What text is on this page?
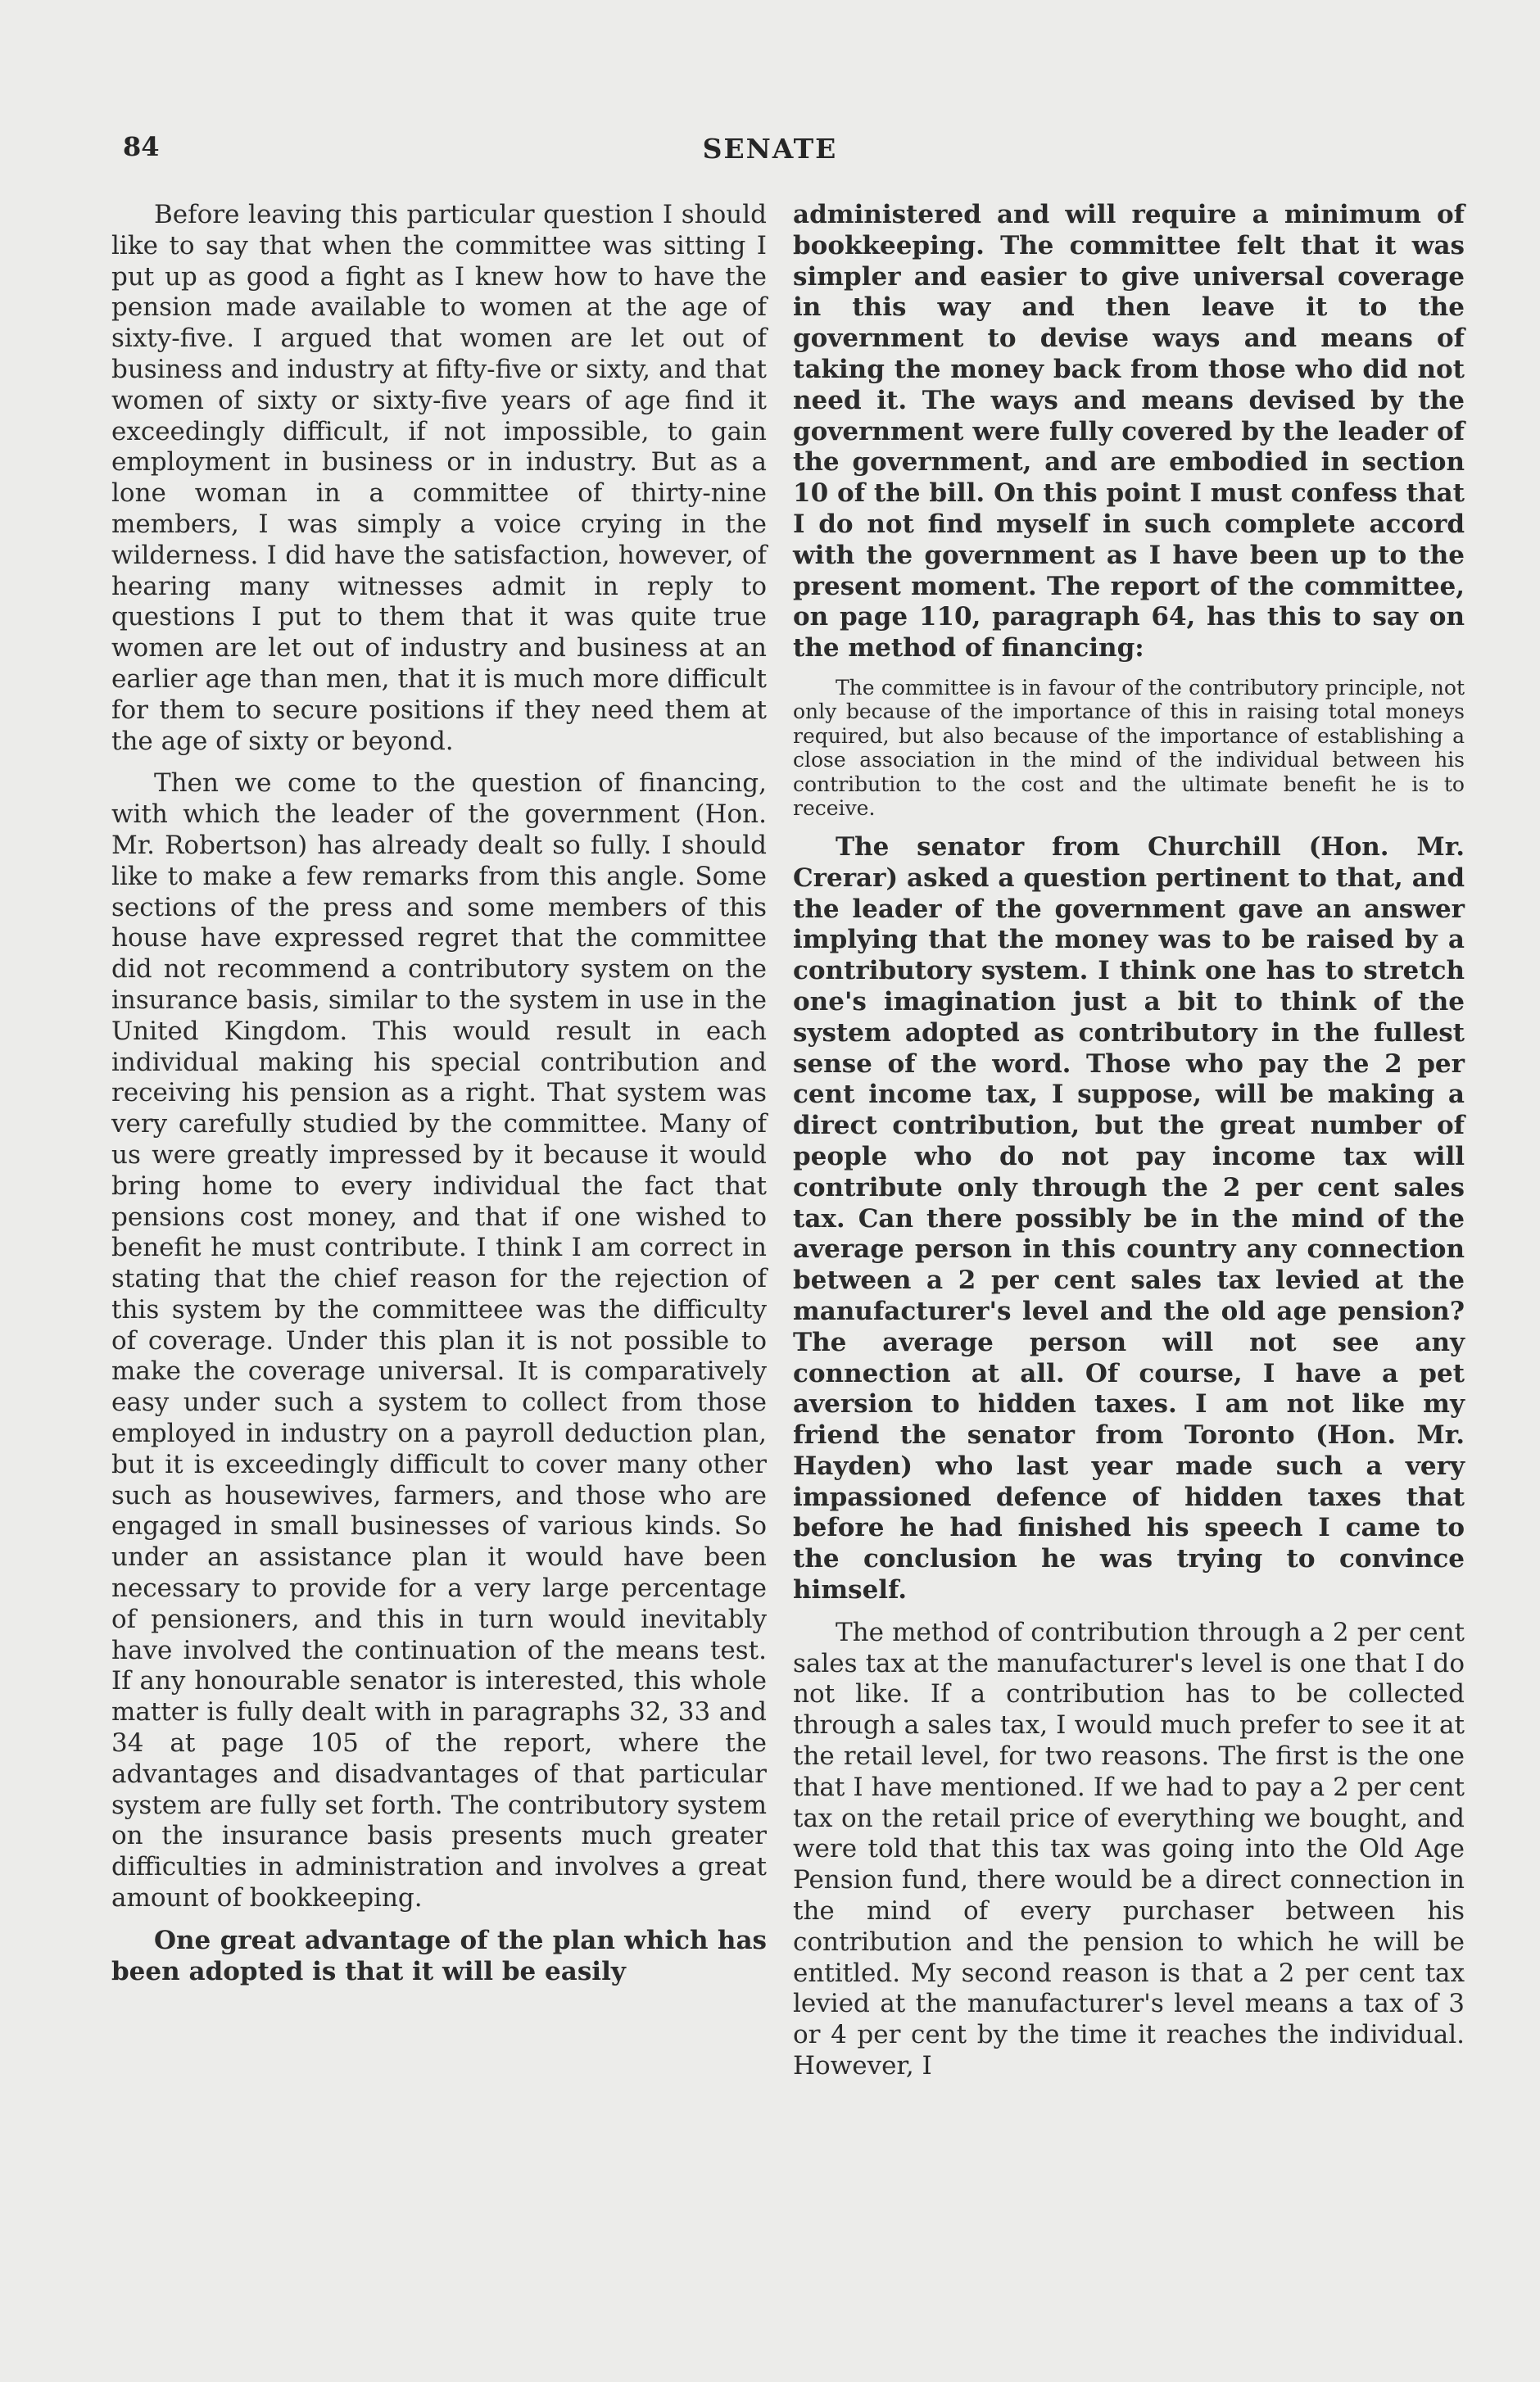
84	SENATE

Before leaving this particular question I should like to say that when the committee was sitting I put up as good a fight as I knew how to have the pension made available to women at the age of sixty-five. I argued that women are let out of business and industry at fifty-five or sixty, and that women of sixty or sixty-five years of age find it exceedingly difficult, if not impossible, to gain employment in business or in industry. But as a lone woman in a committee of thirty-nine members, I was simply a voice crying in the wilderness. I did have the satisfaction, however, of hearing many witnesses admit in reply to questions I put to them that it was quite true women are let out of industry and business at an earlier age than men, that it is much more difficult for them to secure positions if they need them at the age of sixty or beyond.

Then we come to the question of financing, with which the leader of the government (Hon. Mr. Robertson) has already dealt so fully. I should like to make a few remarks from this angle. Some sections of the press and some members of this house have expressed regret that the committee did not recommend a contributory system on the insurance basis, similar to the system in use in the United Kingdom. This would result in each individual making his special contribution and receiving his pension as a right. That system was very carefully studied by the committee. Many of us were greatly impressed by it because it would bring home to every individual the fact that pensions cost money, and that if one wished to benefit he must contribute. I think I am correct in stating that the chief reason for the rejection of this system by the committeee was the difficulty of coverage. Under this plan it is not possible to make the coverage universal. It is comparatively easy under such a system to collect from those employed in industry on a payroll deduction plan, but it is exceedingly difficult to cover many other such as housewives, farmers, and those who are engaged in small businesses of various kinds. So under an assistance plan it would have been necessary to provide for a very large percentage of pensioners, and this in turn would inevitably have involved the continuation of the means test. If any honourable senator is interested, this whole matter is fully dealt with in paragraphs 32, 33 and 34 at page 105 of the report, where the advantages and disadvantages of that particular system are fully set forth. The contributory system on the insurance basis presents much greater difficulties in administration and involves a great amount of bookkeeping.

One great advantage of the plan which has been adopted is that it will be easily

administered and will require a minimum of bookkeeping. The committee felt that it was simpler and easier to give universal coverage in this way and then leave it to the government to devise ways and means of taking the money back from those who did not need it. The ways and means devised by the government were fully covered by the leader of the government, and are embodied in section 10 of the bill. On this point I must confess that I do not find myself in such complete accord with the government as I have been up to the present moment. The report of the committee, on page 110, paragraph 64, has this to say on the method of financing:

The committee is in favour of the contributory principle, not only because of the importance of this in raising total moneys required, but also because of the importance of establishing a close association in the mind of the individual between his contribution to the cost and the ultimate benefit he is to receive.

The senator from Churchill (Hon. Mr. Crerar) asked a question pertinent to that, and the leader of the government gave an answer implying that the money was to be raised by a contributory system. I think one has to stretch one's imagination just a bit to think of the system adopted as contributory in the fullest sense of the word. Those who pay the 2 per cent income tax, I suppose, will be making a direct contribution, but the great number of people who do not pay income tax will contribute only through the 2 per cent sales tax. Can there possibly be in the mind of the average person in this country any connection between a 2 per cent sales tax levied at the manufacturer's level and the old age pension? The average person will not see any connection at all. Of course, I have a pet aversion to hidden taxes. I am not like my friend the senator from Toronto (Hon. Mr. Hayden) who last year made such a very impassioned defence of hidden taxes that before he had finished his speech I came to the conclusion he was trying to convince himself.

The method of contribution through a 2 per cent sales tax at the manufacturer's level is one that I do not like. If a contribution has to be collected through a sales tax, I would much prefer to see it at the retail level, for two reasons. The first is the one that I have mentioned. If we had to pay a 2 per cent tax on the retail price of everything we bought, and were told that this tax was going into the Old Age Pension fund, there would be a direct connection in the mind of every purchaser between his contribution and the pension to which he will be entitled. My second reason is that a 2 per cent tax levied at the manufacturer's level means a tax of 3 or 4 per cent by the time it reaches the individual. However, I
